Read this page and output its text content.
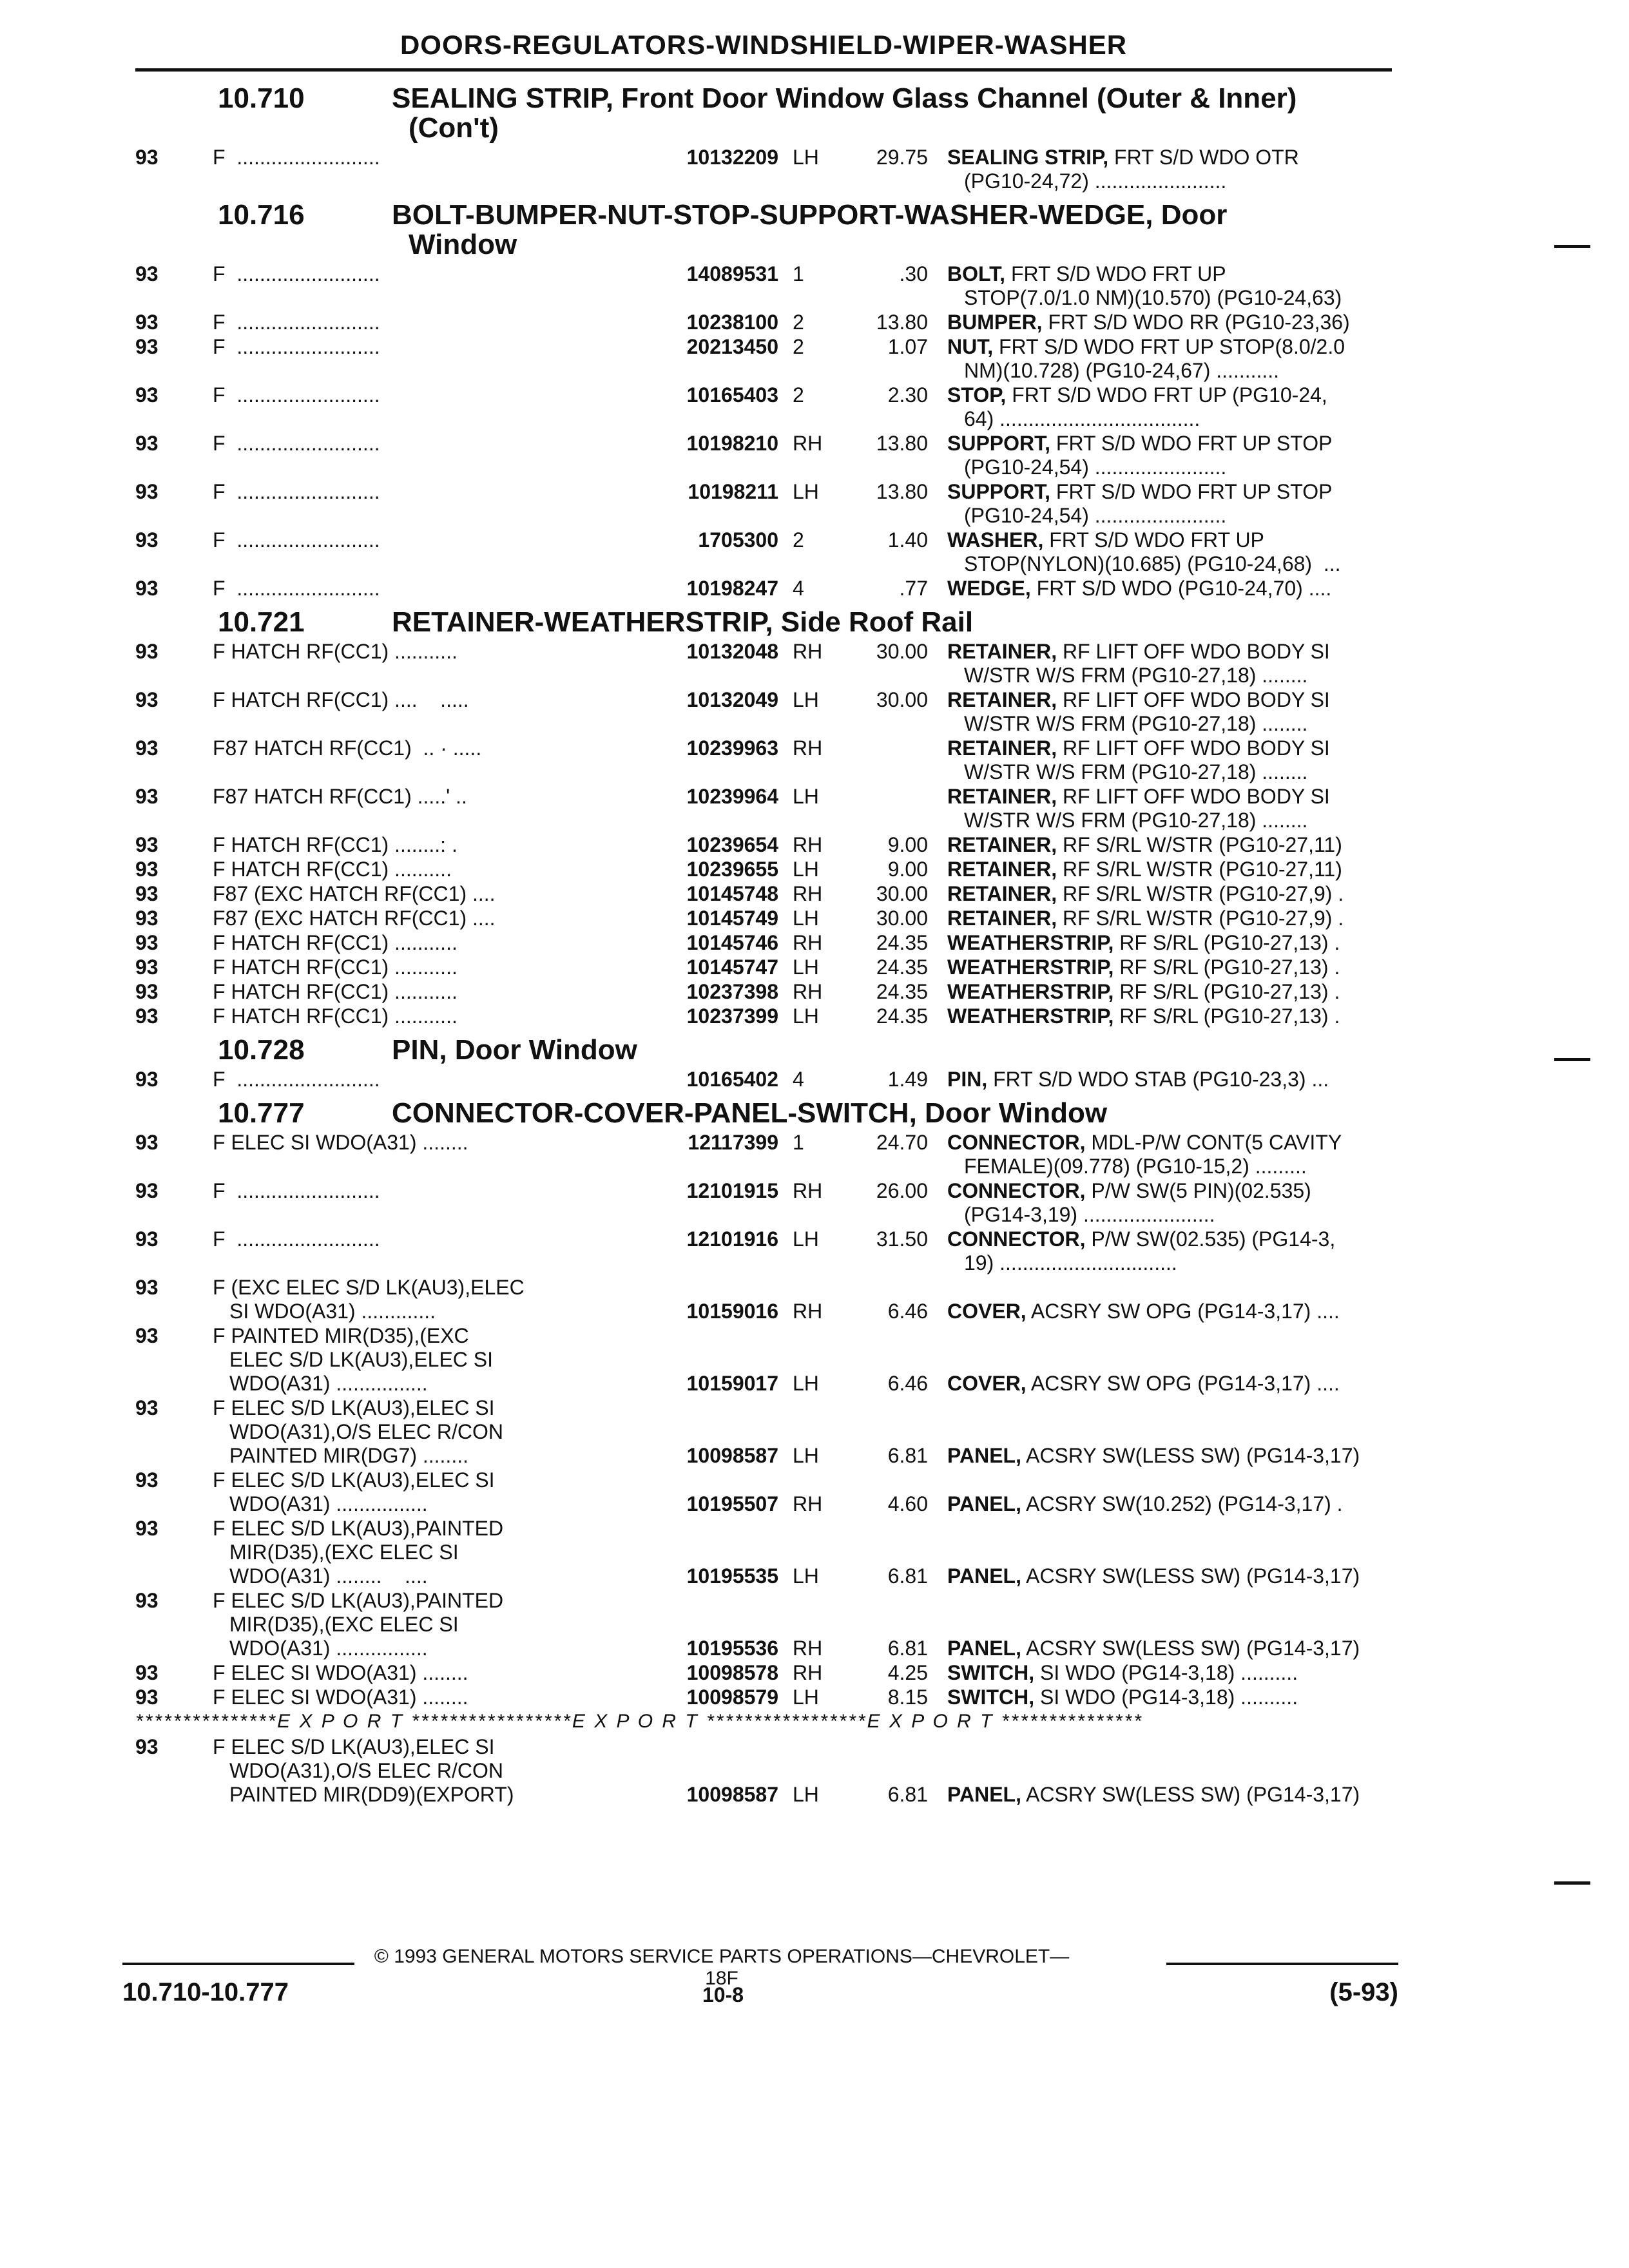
DOORS-REGULATORS-WINDSHIELD-WIPER-WASHER
10.710	SEALING STRIP, Front Door Window Glass Channel (Outer & Inner)
(Con't)
93	F  .........................	10132209 LH	29.75 SEALING STRIP, FRT S/D WDO OTR
(PG10-24,72) .......................
10.716	BOLT-BUMPER-NUT-STOP-SUPPORT-WASHER-WEDGE, Door
Window
93	F  .........................	14089531 1	.30 BOLT, FRT S/D WDO FRT UP
STOP(7.0/1.0 NM)(10.570) (PG10-24,63)
93	F  .........................	10238100 2	13.80 BUMPER, FRT S/D WDO RR (PG10-23,36)
93	F  .........................	20213450 2	1.07 NUT, FRT S/D WDO FRT UP STOP(8.0/2.0
NM)(10.728) (PG10-24,67) ...........
93	F  .........................	10165403 2	2.30 STOP, FRT S/D WDO FRT UP (PG10-24,
64) ...................................
93	F  .........................	10198210 RH	13.80 SUPPORT, FRT S/D WDO FRT UP STOP
(PG10-24,54) .......................
93	F  .........................	10198211 LH	13.80 SUPPORT, FRT S/D WDO FRT UP STOP
(PG10-24,54) .......................
93	F  .........................	1705300 2	1.40 WASHER, FRT S/D WDO FRT UP
STOP(NYLON)(10.685) (PG10-24,68)  ...
93	F  .........................	10198247 4	.77 WEDGE, FRT S/D WDO (PG10-24,70) ....
10.721	RETAINER-WEATHERSTRIP, Side Roof Rail
93	F HATCH RF(CC1) ...........	10132048 RH	30.00 RETAINER, RF LIFT OFF WDO BODY SI
W/STR W/S FRM (PG10-27,18) ........
93	F HATCH RF(CC1) ....    .....	10132049 LH	30.00 RETAINER, RF LIFT OFF WDO BODY SI
W/STR W/S FRM (PG10-27,18) ........
93	F87 HATCH RF(CC1)  .. · .....	10239963 RH	RETAINER, RF LIFT OFF WDO BODY SI
W/STR W/S FRM (PG10-27,18) ........
93	F87 HATCH RF(CC1) .....' ..	10239964 LH	RETAINER, RF LIFT OFF WDO BODY SI
W/STR W/S FRM (PG10-27,18) ........
93	F HATCH RF(CC1) ........: .	10239654 RH	9.00 RETAINER, RF S/RL W/STR (PG10-27,11)
93	F HATCH RF(CC1) ..........	10239655 LH	9.00 RETAINER, RF S/RL W/STR (PG10-27,11)
93	F87 (EXC HATCH RF(CC1) ....	10145748 RH	30.00 RETAINER, RF S/RL W/STR (PG10-27,9) .
93	F87 (EXC HATCH RF(CC1) ....	10145749 LH	30.00 RETAINER, RF S/RL W/STR (PG10-27,9) .
93	F HATCH RF(CC1) ...........	10145746 RH	24.35 WEATHERSTRIP, RF S/RL (PG10-27,13) .
93	F HATCH RF(CC1) ...........	10145747 LH	24.35 WEATHERSTRIP, RF S/RL (PG10-27,13) .
93	F HATCH RF(CC1) ...........	10237398 RH	24.35 WEATHERSTRIP, RF S/RL (PG10-27,13) .
93	F HATCH RF(CC1) ...........	10237399 LH	24.35 WEATHERSTRIP, RF S/RL (PG10-27,13) .
10.728	PIN, Door Window
93	F  .........................	10165402 4	1.49 PIN, FRT S/D WDO STAB (PG10-23,3) ...
10.777	CONNECTOR-COVER-PANEL-SWITCH, Door Window
93	F ELEC SI WDO(A31) ........	12117399 1	24.70 CONNECTOR, MDL-P/W CONT(5 CAVITY
FEMALE)(09.778) (PG10-15,2) .........
93	F  .........................	12101915 RH	26.00 CONNECTOR, P/W SW(5 PIN)(02.535)
(PG14-3,19) .......................
93	F  .........................	12101916 LH	31.50 CONNECTOR, P/W SW(02.535) (PG14-3,
19) ...............................
93	F (EXC ELEC S/D LK(AU3),ELEC
SI WDO(A31) .............	10159016 RH	6.46 COVER, ACSRY SW OPG (PG14-3,17) ....
93	F PAINTED MIR(D35),(EXC
ELEC S/D LK(AU3),ELEC SI
WDO(A31) ................	10159017 LH	6.46 COVER, ACSRY SW OPG (PG14-3,17) ....
93	F ELEC S/D LK(AU3),ELEC SI
WDO(A31),O/S ELEC R/CON
PAINTED MIR(DG7) ........	10098587 LH	6.81 PANEL, ACSRY SW(LESS SW) (PG14-3,17)
93	F ELEC S/D LK(AU3),ELEC SI
WDO(A31) ................	10195507 RH	4.60 PANEL, ACSRY SW(10.252) (PG14-3,17) .
93	F ELEC S/D LK(AU3),PAINTED
MIR(D35),(EXC ELEC SI
WDO(A31) ........    ....	10195535 LH	6.81 PANEL, ACSRY SW(LESS SW) (PG14-3,17)
93	F ELEC S/D LK(AU3),PAINTED
MIR(D35),(EXC ELEC SI
WDO(A31) ................	10195536 RH	6.81 PANEL, ACSRY SW(LESS SW) (PG14-3,17)
93	F ELEC SI WDO(A31) ........	10098578 RH	4.25 SWITCH, SI WDO (PG14-3,18) ..........
93	F ELEC SI WDO(A31) ........	10098579 LH	8.15 SWITCH, SI WDO (PG14-3,18) ..........
***************E X P O R T *****************E X P O R T *****************E X P O R T ***************
93	F ELEC S/D LK(AU3),ELEC SI
WDO(A31),O/S ELEC R/CON
PAINTED MIR(DD9)(EXPORT)	10098587 LH	6.81 PANEL, ACSRY SW(LESS SW) (PG14-3,17)
© 1993 GENERAL MOTORS SERVICE PARTS OPERATIONS—CHEVROLET—18F
10.710-10.777	10-8	(5-93)
